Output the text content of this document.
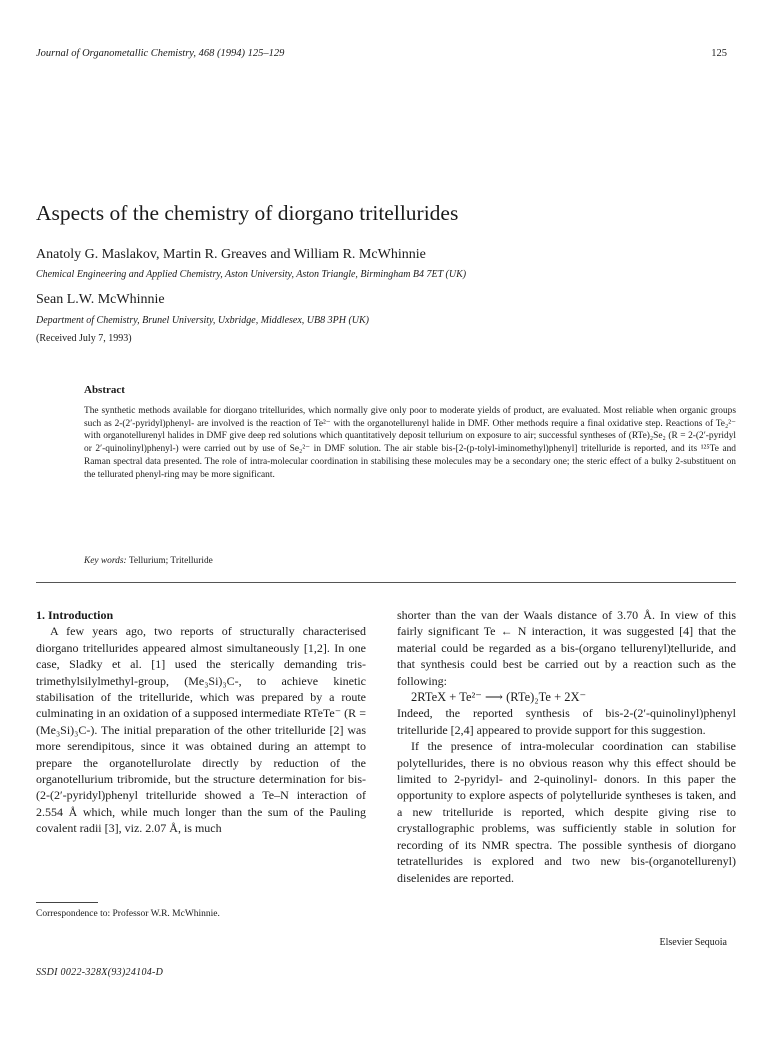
Journal of Organometallic Chemistry, 468 (1994) 125–129	125
Aspects of the chemistry of diorgano tritellurides
Anatoly G. Maslakov, Martin R. Greaves and William R. McWhinnie
Chemical Engineering and Applied Chemistry, Aston University, Aston Triangle, Birmingham B4 7ET (UK)
Sean L.W. McWhinnie
Department of Chemistry, Brunel University, Uxbridge, Middlesex, UB8 3PH (UK)
(Received July 7, 1993)
Abstract
The synthetic methods available for diorgano tritellurides, which normally give only poor to moderate yields of product, are evaluated. Most reliable when organic groups such as 2-(2′-pyridyl)phenyl- are involved is the reaction of Te²⁻ with the organotellurenyl halide in DMF. Other methods require a final oxidative step. Reactions of Te₂²⁻ with organotellurenyl halides in DMF give deep red solutions which quantitatively deposit tellurium on exposure to air; successful syntheses of (RTe)₂Se₂ (R = 2-(2′-pyridyl or 2′-quinolinyl)phenyl-) were carried out by use of Se₂²⁻ in DMF solution. The air stable bis-[2-(p-tolyl-iminomethyl)phenyl] tritelluride is reported, and its ¹²⁵Te and Raman spectral data presented. The role of intra-molecular coordination in stabilising these molecules may be a secondary one; the steric effect of a bulky 2-substituent on the tellurated phenyl-ring may be more significant.
Key words: Tellurium; Tritelluride

1. Introduction

A few years ago, two reports of structurally characterised diorgano tritellurides appeared almost simultaneously [1,2]. In one case, Sladky et al. [1] used the sterically demanding tris-trimethylsilylmethyl-group, (Me₃Si)₃C-, to achieve kinetic stabilisation of the tritelluride, which was prepared by a route culminating in an oxidation of a supposed intermediate RTeTe⁻ (R = (Me₃Si)₃C-). The initial preparation of the other tritelluride [2] was more serendipitous, since it was obtained during an attempt to prepare the organotellurolate directly by reduction of the organotellurium tribromide, but the structure determination for bis-(2-(2′-pyridyl)phenyl tritelluride showed a Te–N interaction of 2.554 Å which, while much longer than the sum of the Pauling covalent radii [3], viz. 2.07 Å, is much

shorter than the van der Waals distance of 3.70 Å. In view of this fairly significant Te ← N interaction, it was suggested [4] that the material could be regarded as a bis-(organo tellurenyl)telluride, and that synthesis could best be carried out by a reaction such as the following:

2RTeX + Te²⁻ ⟶ (RTe)₂Te + 2X⁻

Indeed, the reported synthesis of bis-2-(2′-quinolinyl)phenyl tritelluride [2,4] appeared to provide support for this suggestion.

If the presence of intra-molecular coordination can stabilise polytellurides, there is no obvious reason why this effect should be limited to 2-pyridyl- and 2-quinolinyl- donors. In this paper the opportunity to explore aspects of polytelluride syntheses is taken, and a new tritelluride is reported, which despite giving rise to crystallographic problems, was sufficiently stable in solution for recording of its NMR spectra. The possible synthesis of diorgano tetratellurides is explored and two new bis-(organotellurenyl) diselenides are reported.

Correspondence to: Professor W.R. McWhinnie.
Elsevier Sequoia
SSDI 0022-328X(93)24104-D
